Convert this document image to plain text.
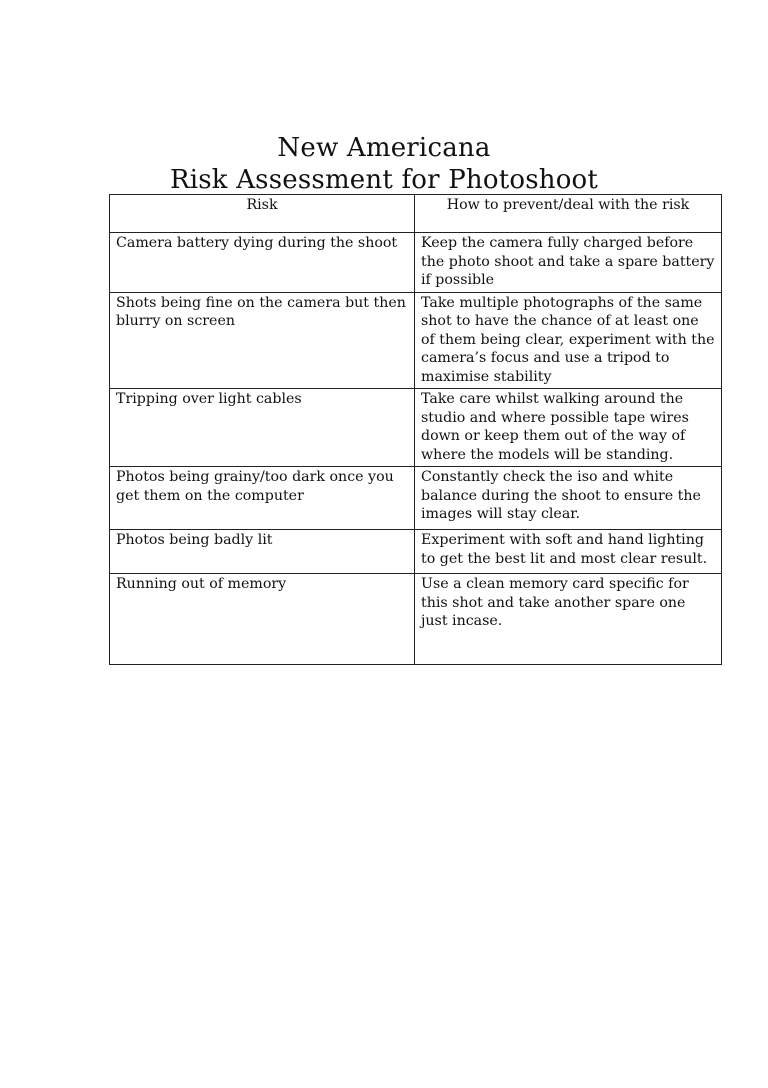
New Americana
Risk Assessment for Photoshoot
Risk	How to prevent/deal with the risk
Camera battery dying during the shoot	Keep the camera fully charged before the photo shoot and take a spare battery if possible
Shots being fine on the camera but then blurry on screen	Take multiple photographs of the same shot to have the chance of at least one of them being clear, experiment with the camera’s focus and use a tripod to maximise stability
Tripping over light cables	Take care whilst walking around the studio and where possible tape wires down or keep them out of the way of where the models will be standing.
Photos being grainy/too dark once you get them on the computer	Constantly check the iso and white balance during the shoot to ensure the images will stay clear.
Photos being badly lit	Experiment with soft and hand lighting to get the best lit and most clear result.
Running out of memory	Use a clean memory card specific for this shot and take another spare one just incase.
